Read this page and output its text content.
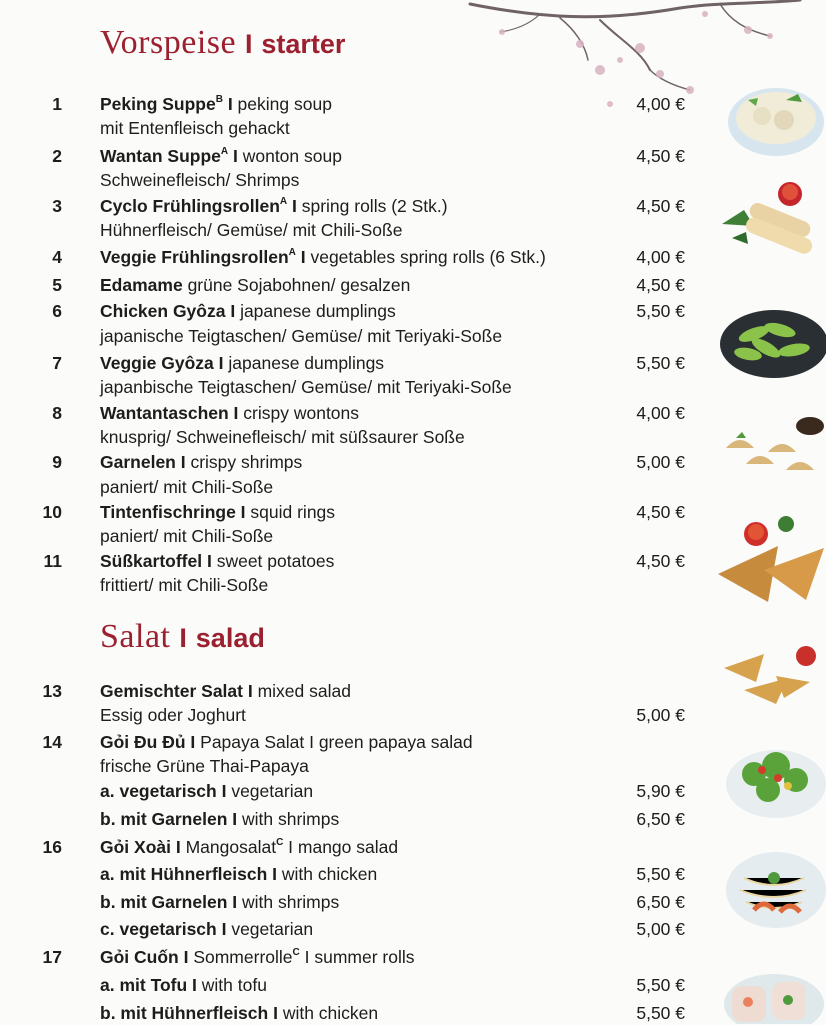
Vorspeise I starter
Salat I salad
1 Peking Suppe$^B$ I peking soup	4,00 €
mit Entenfleisch gehackt
2 Wantan Suppe$^A$ I wonton soup	4,50 €
Schweinefleisch/ Shrimps
3 Cyclo Frühlingsrollen$^A$ I spring rolls (2 Stk.)	4,50 €
Hühnerfleisch/ Gemüse/ mit Chili-Soße
4 Veggie Frühlingsrollen$^A$ I vegetables spring rolls (6 Stk.)	4,00 €
5 Edamame grüne Sojabohnen/ gesalzen	4,50 €
6 Chicken Gyôza I japanese dumplings	5,50 €
japanische Teigtaschen/ Gemüse/ mit Teriyaki-Soße
7 Veggie Gyôza I japanese dumplings	5,50 €
japanbische Teigtaschen/ Gemüse/ mit Teriyaki-Soße
8 Wantantaschen I crispy wontons	4,00 €
knusprig/ Schweinefleisch/ mit süßsaurer Soße
9 Garnelen I crispy shrimps	5,00 €
paniert/ mit Chili-Soße
10 Tintenfischringe I squid rings	4,50 €
paniert/ mit Chili-Soße
11 Süßkartoffel I sweet potatoes	4,50 €
frittiert/ mit Chili-Soße
13 Gemischter Salat I mixed salad
Essig oder Joghurt	5,00 €
14 Gỏi Đu Đủ I Papaya Salat I green papaya salad
frische Grüne Thai-Papaya
a. vegetarisch I vegetarian	5,90 €
b. mit Garnelen I with shrimps	6,50 €
16 Gỏi Xoài I Mangosalat$^C$ I mango salad
a. mit Hühnerfleisch I with chicken	5,50 €
b. mit Garnelen I with shrimps	6,50 €
c. vegetarisch I vegetarian	5,00 €
17 Gỏi Cuốn I Sommerrolle$^C$ I summer rolls
a. mit Tofu I with tofu	5,50 €
b. mit Hühnerfleisch I with chicken	5,50 €
